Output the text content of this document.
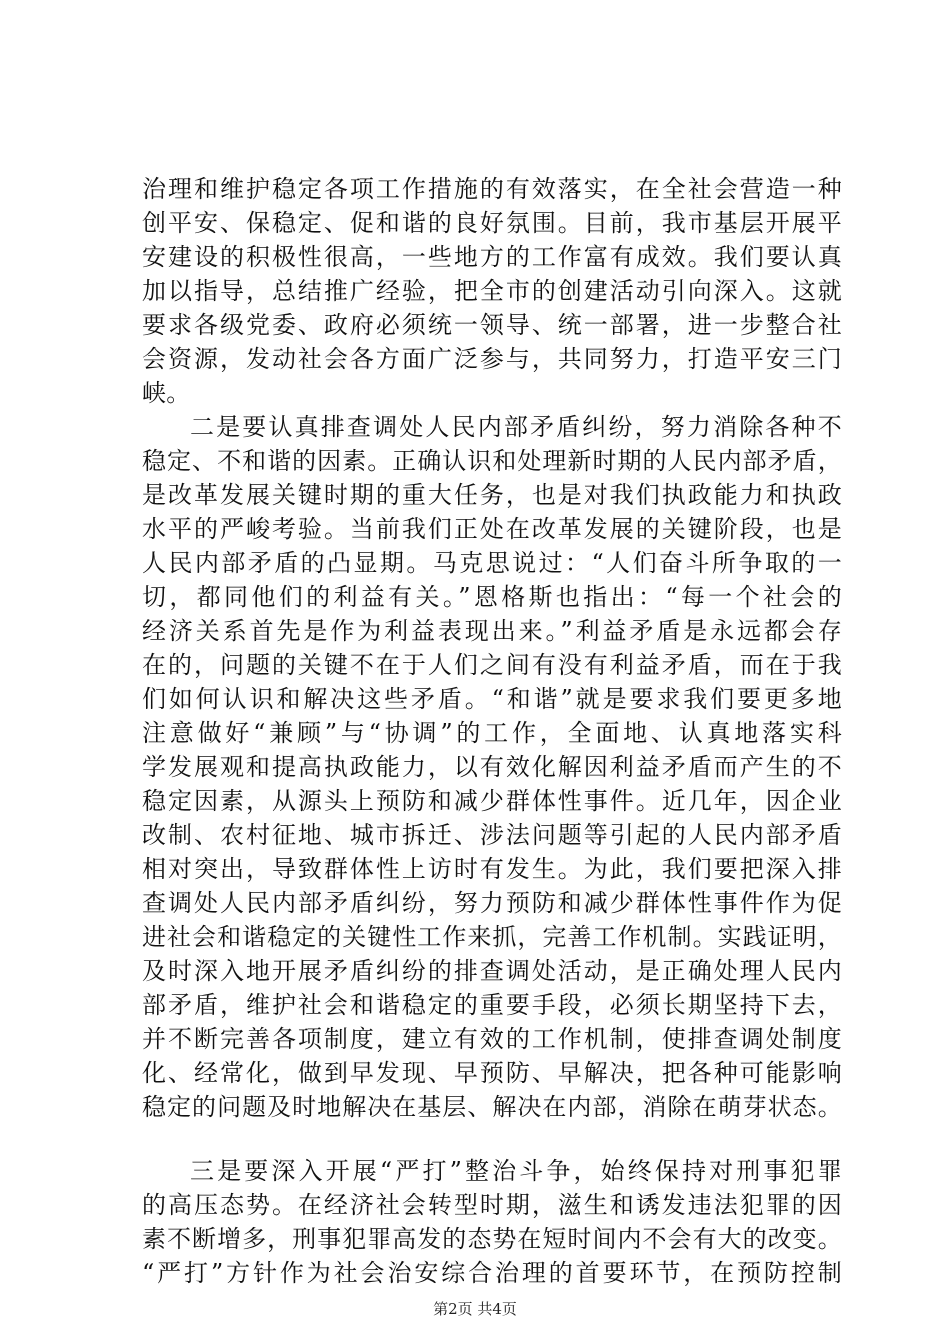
治理和维护稳定各项工作措施的有效落实，在全社会营造一种
创平安、保稳定、促和谐的良好氛围。目前，我市基层开展平
安建设的积极性很高，一些地方的工作富有成效。我们要认真
加以指导，总结推广经验，把全市的创建活动引向深入。这就
要求各级党委、政府必须统一领导、统一部署，进一步整合社
会资源，发动社会各方面广泛参与，共同努力，打造平安三门
峡。
二是要认真排查调处人民内部矛盾纠纷，努力消除各种不
稳定、不和谐的因素。正确认识和处理新时期的人民内部矛盾，
是改革发展关键时期的重大任务，也是对我们执政能力和执政
水平的严峻考验。当前我们正处在改革发展的关键阶段，也是
人民内部矛盾的凸显期。马克思说过：“人们奋斗所争取的一
切，都同他们的利益有关。”恩格斯也指出：“每一个社会的
经济关系首先是作为利益表现出来。”利益矛盾是永远都会存
在的，问题的关键不在于人们之间有没有利益矛盾，而在于我
们如何认识和解决这些矛盾。“和谐”就是要求我们要更多地
注意做好“兼顾”与“协调”的工作，全面地、认真地落实科
学发展观和提高执政能力，以有效化解因利益矛盾而产生的不
稳定因素，从源头上预防和减少群体性事件。近几年，因企业
改制、农村征地、城市拆迁、涉法问题等引起的人民内部矛盾
相对突出，导致群体性上访时有发生。为此，我们要把深入排
查调处人民内部矛盾纠纷，努力预防和减少群体性事件作为促
进社会和谐稳定的关键性工作来抓，完善工作机制。实践证明，
及时深入地开展矛盾纠纷的排查调处活动，是正确处理人民内
部矛盾，维护社会和谐稳定的重要手段，必须长期坚持下去，
并不断完善各项制度，建立有效的工作机制，使排查调处制度
化、经常化，做到早发现、早预防、早解决，把各种可能影响
稳定的问题及时地解决在基层、解决在内部，消除在萌芽状态。
三是要深入开展“严打”整治斗争，始终保持对刑事犯罪
的高压态势。在经济社会转型时期，滋生和诱发违法犯罪的因
素不断增多，刑事犯罪高发的态势在短时间内不会有大的改变。
“严打”方针作为社会治安综合治理的首要环节，在预防控制
第2页 共4页
